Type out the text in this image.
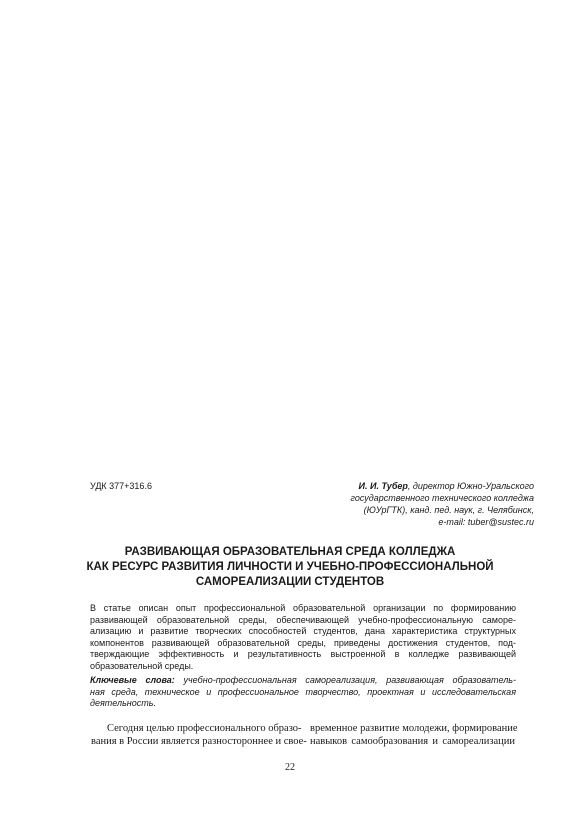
УДК 377+316.6	И. И. Тубер, директор Южно-Уральского
государственного технического колледжа
(ЮУрГТК), канд. пед. наук, г. Челябинск,
e-mail: tuber@sustec.ru
РАЗВИВАЮЩАЯ ОБРАЗОВАТЕЛЬНАЯ СРЕДА КОЛЛЕДЖА
КАК РЕСУРС РАЗВИТИЯ ЛИЧНОСТИ И УЧЕБНО-ПРОФЕССИОНАЛЬНОЙ
САМОРЕАЛИЗАЦИИ СТУДЕНТОВ
В статье описан опыт профессиональной образовательной организации по формированию
развивающей образовательной среды, обеспечивающей учебно-профессиональную саморе-
ализацию и развитие творческих способностей студентов, дана характеристика структурных
компонентов развивающей образовательной среды, приведены достижения студентов, под-
тверждающие эффективность и результативность выстроенной в колледже развивающей
образовательной среды.
Ключевые слова: учебно-профессиональная самореализация, развивающая образователь-
ная среда, техническое и профессиональное творчество, проектная и исследовательская
деятельность.
Сегодня целью профессионального образо-
вания в России является разностороннее и свое-
временное развитие молодежи, формирование
навыков самообразования и самореализации
22
